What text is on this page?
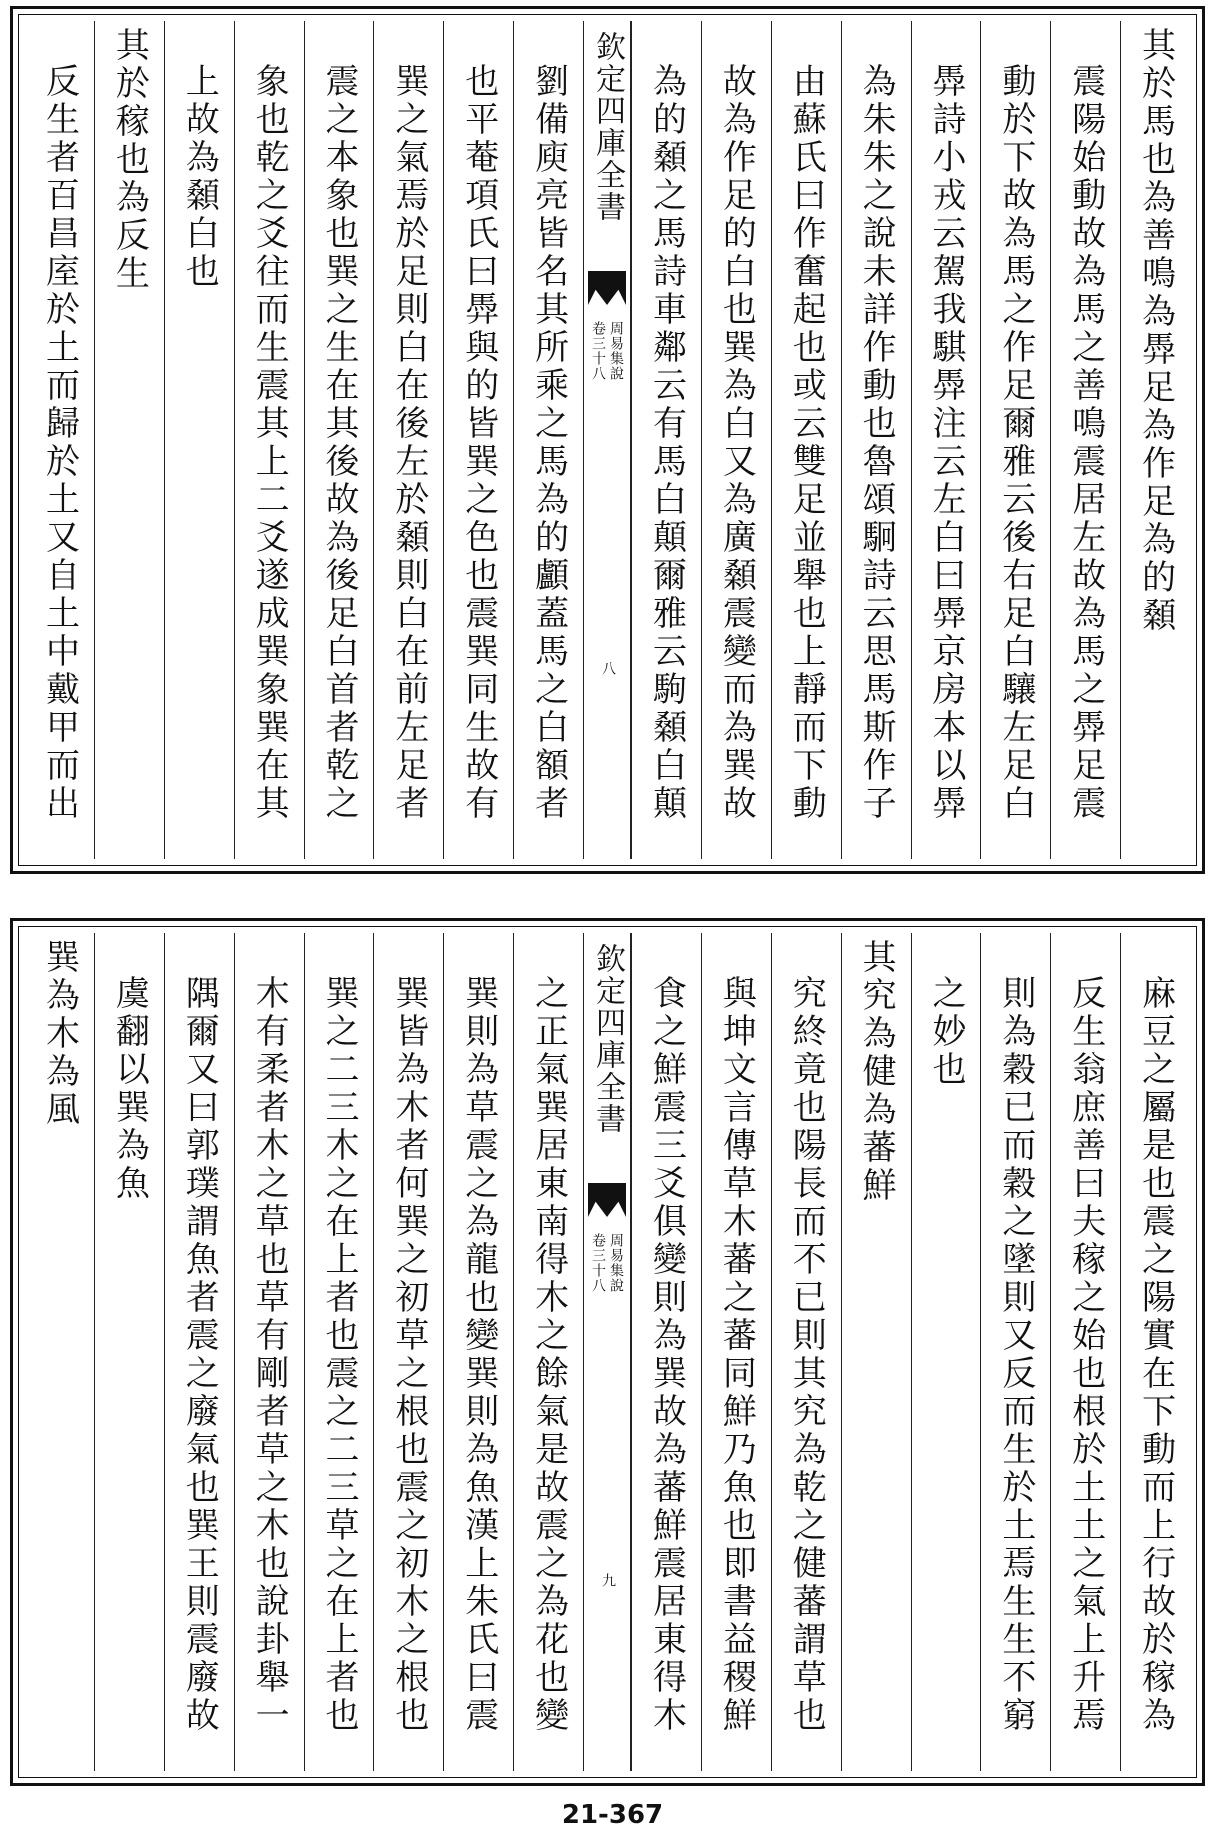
其於馬也為善鳴為馵足為作足為的顙
震陽始動故為馬之善鳴震居左故為馬之馵足震
動於下故為馬之作足爾雅云後右足白驤左足白
馵詩小戎云駕我騏馵注云左白曰馵京房本以馵
為朱朱之說未詳作動也魯頌駉詩云思馬斯作子
由蘇氏曰作奮起也或云雙足並舉也上靜而下動
故為作足的白也巽為白又為廣顙震變而為巽故
為的顙之馬詩車鄰云有馬白顛爾雅云駒顙白顛
欽定四庫全書
周易集說
卷三十八
八
劉備庾亮皆名其所乘之馬為的顱蓋馬之白額者
也平菴項氏曰馵與的皆巽之色也震巽同生故有
巽之氣焉於足則白在後左於顙則白在前左足者
震之本象也巽之生在其後故為後足白首者乾之
象也乾之爻往而生震其上二爻遂成巽象巽在其
上故為顙白也
其於稼也為反生
反生者百昌庢於土而歸於土又自土中戴甲而出
麻豆之屬是也震之陽實在下動而上行故於稼為
反生翁庶善曰夫稼之始也根於土土之氣上升焉
則為穀已而穀之墜則又反而生於土焉生生不窮
之妙也
其究為健為蕃鮮
究終竟也陽長而不已則其究為乾之健蕃謂草也
與坤文言傳草木蕃之蕃同鮮乃魚也即書益稷鮮
食之鮮震三爻俱變則為巽故為蕃鮮震居東得木
欽定四庫全書
周易集說
卷三十八
九
之正氣巽居東南得木之餘氣是故震之為花也變
巽則為草震之為龍也變巽則為魚漢上朱氏曰震
巽皆為木者何巽之初草之根也震之初木之根也
巽之二三木之在上者也震之二三草之在上者也
木有柔者木之草也草有剛者草之木也說卦舉一
隅爾又曰郭璞謂魚者震之廢氣也巽王則震廢故
虞翻以巽為魚
巽為木為風
21-367
